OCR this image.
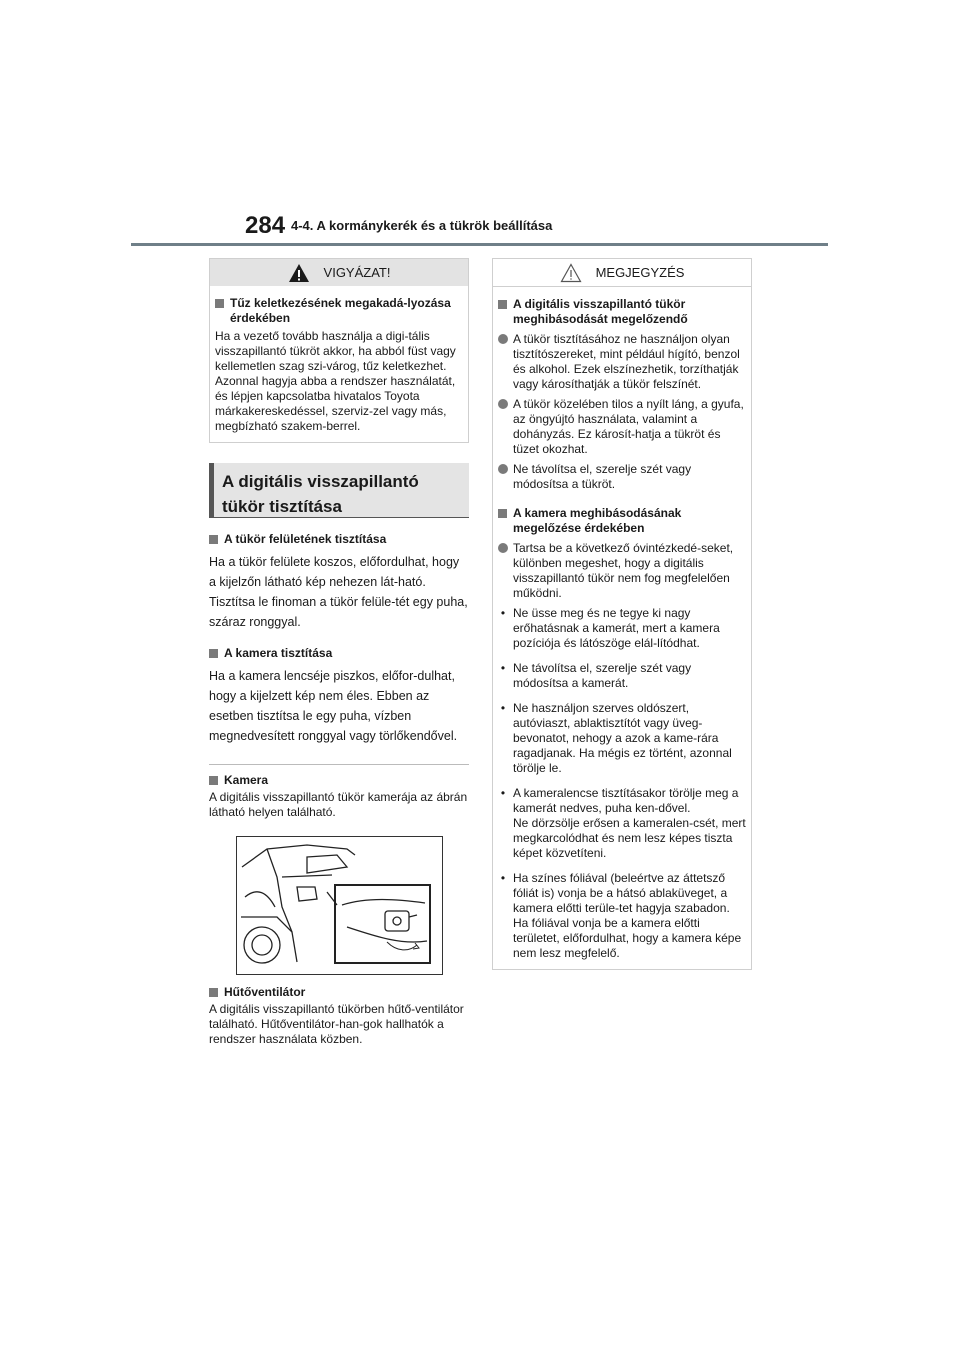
284 4-4. A kormánykerék és a tükrök beállítása
VIGYÁZAT!
Tűz keletkezésének megakadá-lyozása érdekében

Ha a vezető tovább használja a digi-tális visszapillantó tükröt akkor, ha abból füst vagy kellemetlen szag szi-várog, tűz keletkezhet. Azonnal hagyja abba a rendszer használatát, és lépjen kapcsolatba hivatalos Toyota márkakereskedéssel, szerviz-zel vagy más, megbízható szakem-berrel.

A digitális visszapillantó tükör tisztítása
A tükör felületének tisztítása

Ha a tükör felülete koszos, előfordulhat, hogy a kijelzőn látható kép nehezen lát-ható. Tisztítsa le finoman a tükör felüle-tét egy puha, száraz ronggyal.

A kamera tisztítása

Ha a kamera lencséje piszkos, előfor-dulhat, hogy a kijelzett kép nem éles. Ebben az esetben tisztítsa le egy puha, vízben megnedvesített ronggyal vagy törlőkendővel.

Kamera

A digitális visszapillantó tükör kamerája az ábrán látható helyen található.

Hűtőventilátor

A digitális visszapillantó tükörben hűtő-ventilátor található. Hűtőventilátor-han-gok hallhatók a rendszer használata közben.

MEGJEGYZÉS
A digitális visszapillantó tükör meghibásodását megelőzendő
A tükör tisztításához ne használjon olyan tisztítószereket, mint például hígító, benzol és alkohol. Ezek elszínezhetik, torzíthatják vagy károsíthatják a tükör felszínét.
A tükör közelében tilos a nyílt láng, a gyufa, az öngyújtó használata, valamint a dohányzás. Ez károsít-hatja a tükröt és tüzet okozhat.
Ne távolítsa el, szerelje szét vagy módosítsa a tükröt.
A kamera meghibásodásának megelőzése érdekében
Tartsa be a következő óvintézkedé-seket, különben megeshet, hogy a digitális visszapillantó tükör nem fog megfelelően működni.
• Ne üsse meg és ne tegye ki nagy erőhatásnak a kamerát, mert a kamera pozíciója és látószöge elál-lítódhat.
• Ne távolítsa el, szerelje szét vagy módosítsa a kamerát.
• Ne használjon szerves oldószert, autóviaszt, ablaktisztítót vagy üveg-bevonatot, nehogy a azok a kame-rára ragadjanak. Ha mégis ez történt, azonnal törölje le.
• A kameralencse tisztításakor törölje meg a kamerát nedves, puha ken-dővel.
Ne dörzsölje erősen a kameralen-csét, mert megkarcolódhat és nem lesz képes tiszta képet közvetíteni.
• Ha színes fóliával (beleértve az áttetsző fóliát is) vonja be a hátsó ablaküveget, a kamera előtti terüle-tet hagyja szabadon.
Ha fóliával vonja be a kamera előtti területet, előfordulhat, hogy a kamera képe nem lesz megfelelő.
